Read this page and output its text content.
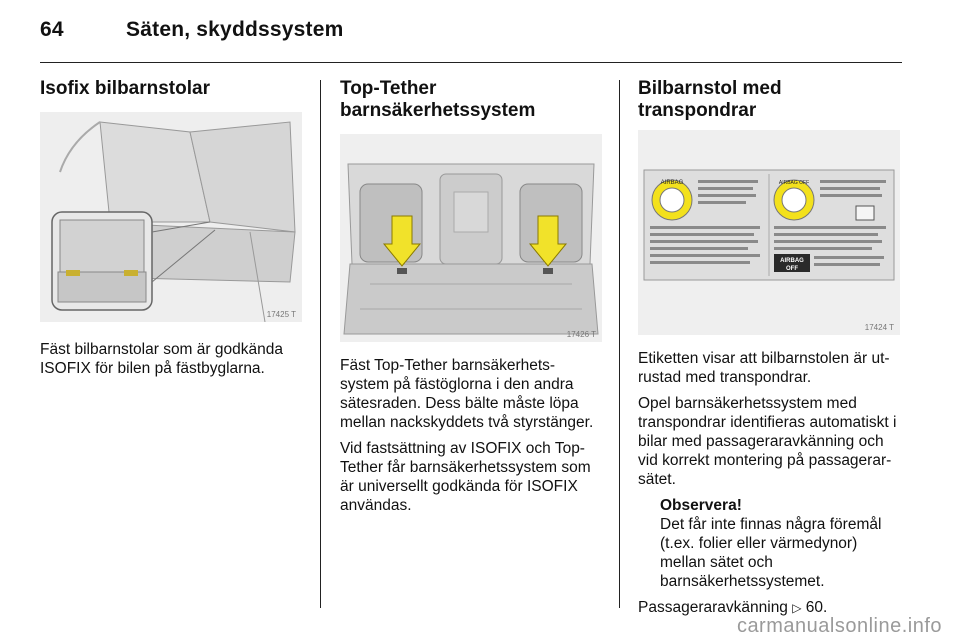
64	Säten, skyddssystem
Isofix bilbarnstolar
17425 T
Fäst bilbarnstolar som är godkända ISOFIX för bilen på fästbyglarna.
Top-Tether
barnsäkerhetssystem
17426 T
Fäst Top-Tether barnsäkerhets- system på fästöglorna i den andra sätesraden. Dess bälte måste löpa mellan nackskyddets två styrstänger.
Vid fastsättning av ISOFIX och Top- Tether får barnsäkerhetssystem som är universellt godkända för ISOFIX användas.
Bilbarnstol med transpondrar
AIRBAG	AIRBAG OFF
AIRBAG
OFF
17424 T
Etiketten visar att bilbarnstolen är ut- rustad med transpondrar.
Opel barnsäkerhetssystem med transpondrar identifieras automatiskt i bilar med passageraravkänning och vid korrekt montering på passagerar- sätet.
Observera!
Det får inte finnas några föremål (t.ex. folier eller värmedynor) mellan sätet och barnsäkerhetssystemet.
Passageraravkänning ▷ 60.
carmanualsonline.info
